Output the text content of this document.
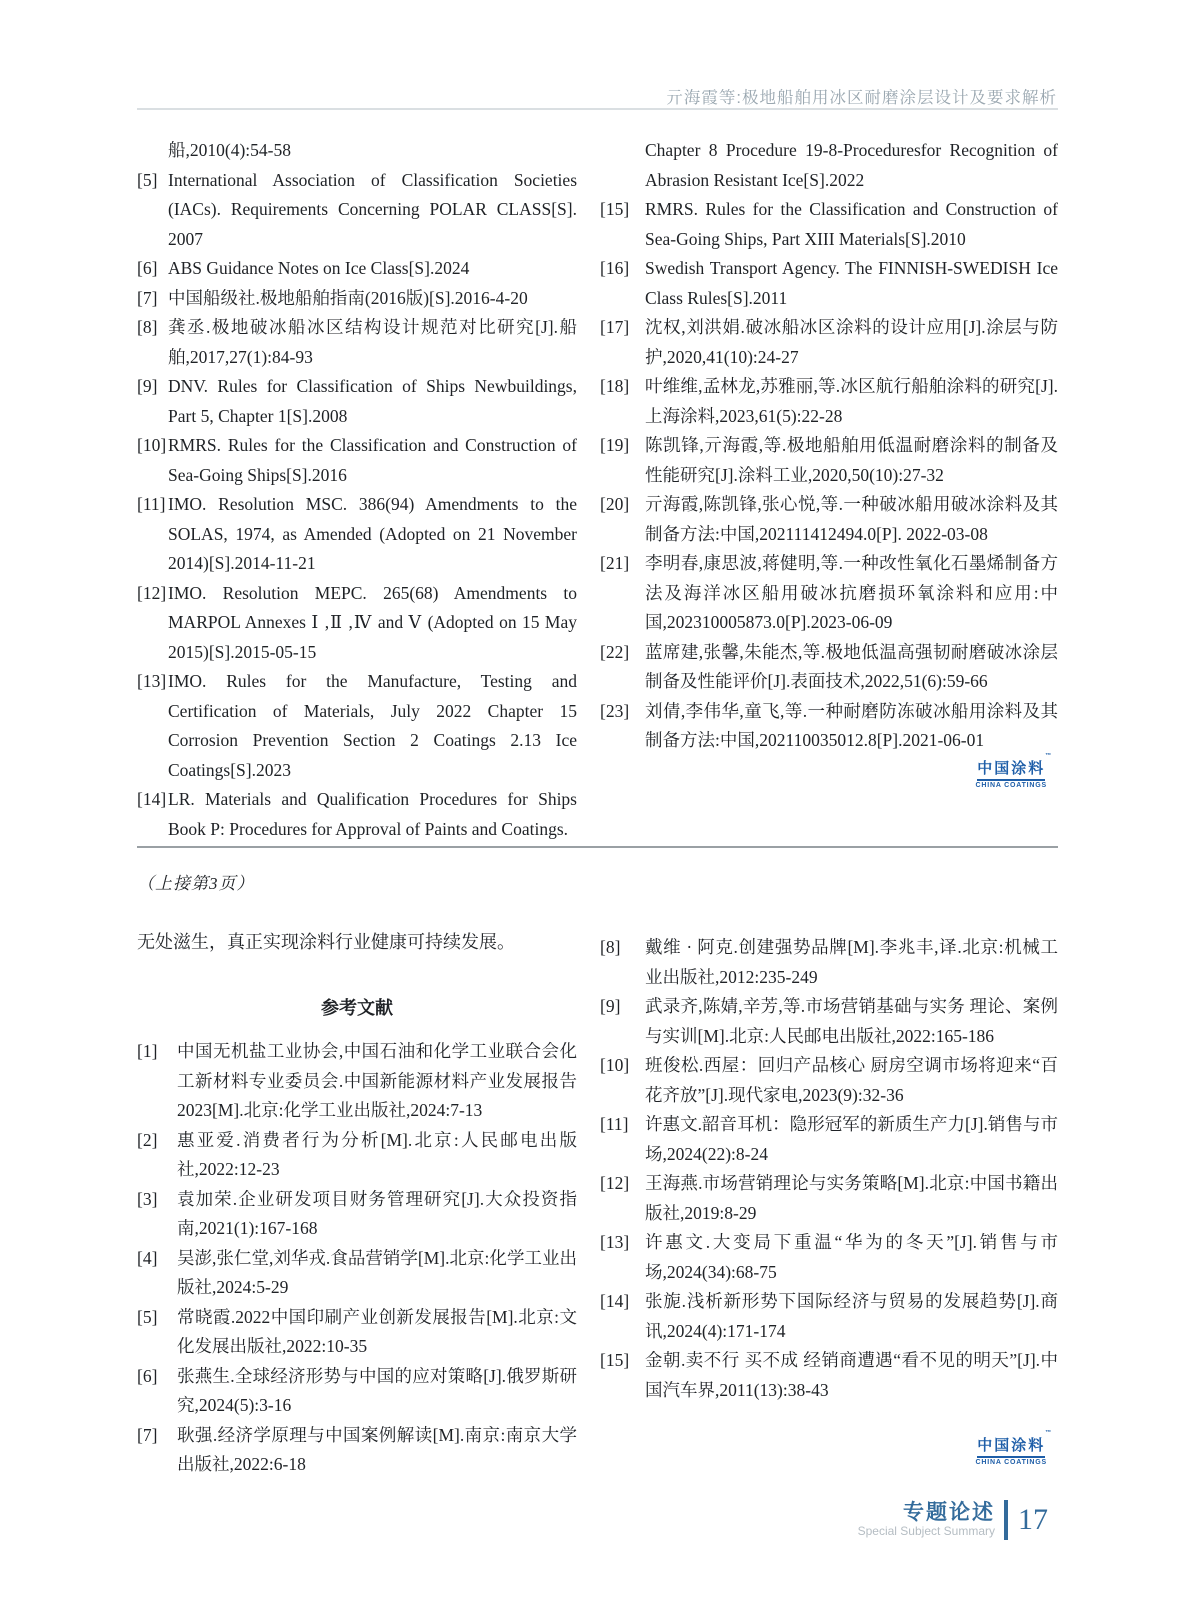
亓海霞等:极地船舶用冰区耐磨涂层设计及要求解析
船,2010(4):54-58
[5] International Association of Classification Societies (IACs). Requirements Concerning POLAR CLASS[S]. 2007
[6] ABS Guidance Notes on Ice Class[S].2024
[7] 中国船级社.极地船舶指南(2016版)[S].2016-4-20
[8] 龚丞.极地破冰船冰区结构设计规范对比研究[J].船舶,2017,27(1):84-93
[9] DNV. Rules for Classification of Ships Newbuildings, Part 5, Chapter 1[S].2008
[10] RMRS. Rules for the Classification and Construction of Sea-Going Ships[S].2016
[11] IMO. Resolution MSC. 386(94) Amendments to the SOLAS, 1974, as Amended (Adopted on 21 November 2014)[S].2014-11-21
[12] IMO. Resolution MEPC. 265(68) Amendments to MARPOL Annexes Ⅰ ,Ⅱ ,Ⅳ and Ⅴ (Adopted on 15 May 2015)[S].2015-05-15
[13] IMO. Rules for the Manufacture, Testing and Certification of Materials, July 2022 Chapter 15 Corrosion Prevention Section 2 Coatings 2.13 Ice Coatings[S].2023
[14] LR. Materials and Qualification Procedures for Ships Book P: Procedures for Approval of Paints and Coatings.
Chapter 8 Procedure 19-8-Proceduresfor Recognition of Abrasion Resistant Ice[S].2022
[15] RMRS. Rules for the Classification and Construction of Sea-Going Ships, Part XIII Materials[S].2010
[16] Swedish Transport Agency. The FINNISH-SWEDISH Ice Class Rules[S].2011
[17] 沈权,刘洪娟.破冰船冰区涂料的设计应用[J].涂层与防护,2020,41(10):24-27
[18] 叶维维,孟林龙,苏雅丽,等.冰区航行船舶涂料的研究[J].上海涂料,2023,61(5):22-28
[19] 陈凯锋,亓海霞,等.极地船舶用低温耐磨涂料的制备及性能研究[J].涂料工业,2020,50(10):27-32
[20] 亓海霞,陈凯锋,张心悦,等.一种破冰船用破冰涂料及其制备方法:中国,202111412494.0[P]. 2022-03-08
[21] 李明春,康思波,蒋健明,等.一种改性氧化石墨烯制备方法及海洋冰区船用破冰抗磨损环氧涂料和应用:中国,202310005873.0[P].2023-06-09
[22] 蓝席建,张馨,朱能杰,等.极地低温高强韧耐磨破冰涂层制备及性能评价[J].表面技术,2022,51(6):59-66
[23] 刘倩,李伟华,童飞,等.一种耐磨防冻破冰船用涂料及其制备方法:中国,202110035012.8[P].2021-06-01
中国涂料
™
CHINA COATINGS
（上接第3页）
无处滋生，真正实现涂料行业健康可持续发展。
参考文献
[1] 中国无机盐工业协会,中国石油和化学工业联合会化工新材料专业委员会.中国新能源材料产业发展报告2023[M].北京:化学工业出版社,2024:7-13
[2] 惠亚爱.消费者行为分析[M].北京:人民邮电出版社,2022:12-23
[3] 袁加荣.企业研发项目财务管理研究[J].大众投资指南,2021(1):167-168
[4] 吴澎,张仁堂,刘华戎.食品营销学[M].北京:化学工业出版社,2024:5-29
[5] 常晓霞.2022中国印刷产业创新发展报告[M].北京:文化发展出版社,2022:10-35
[6] 张燕生.全球经济形势与中国的应对策略[J].俄罗斯研究,2024(5):3-16
[7] 耿强.经济学原理与中国案例解读[M].南京:南京大学出版社,2022:6-18
[8] 戴维 · 阿克.创建强势品牌[M].李兆丰,译.北京:机械工业出版社,2012:235-249
[9] 武录齐,陈婧,辛芳,等.市场营销基础与实务 理论、案例与实训[M].北京:人民邮电出版社,2022:165-186
[10] 班俊松.西屋：回归产品核心 厨房空调市场将迎来“百花齐放”[J].现代家电,2023(9):32-36
[11] 许惠文.韶音耳机：隐形冠军的新质生产力[J].销售与市场,2024(22):8-24
[12] 王海燕.市场营销理论与实务策略[M].北京:中国书籍出版社,2019:8-29
[13] 许惠文.大变局下重温“华为的冬天”[J].销售与市场,2024(34):68-75
[14] 张旎.浅析新形势下国际经济与贸易的发展趋势[J].商讯,2024(4):171-174
[15] 金朝.卖不行 买不成 经销商遭遇“看不见的明天”[J].中国汽车界,2011(13):38-43
中国涂料
™
CHINA COATINGS
专题论述
Special Subject Summary 17
